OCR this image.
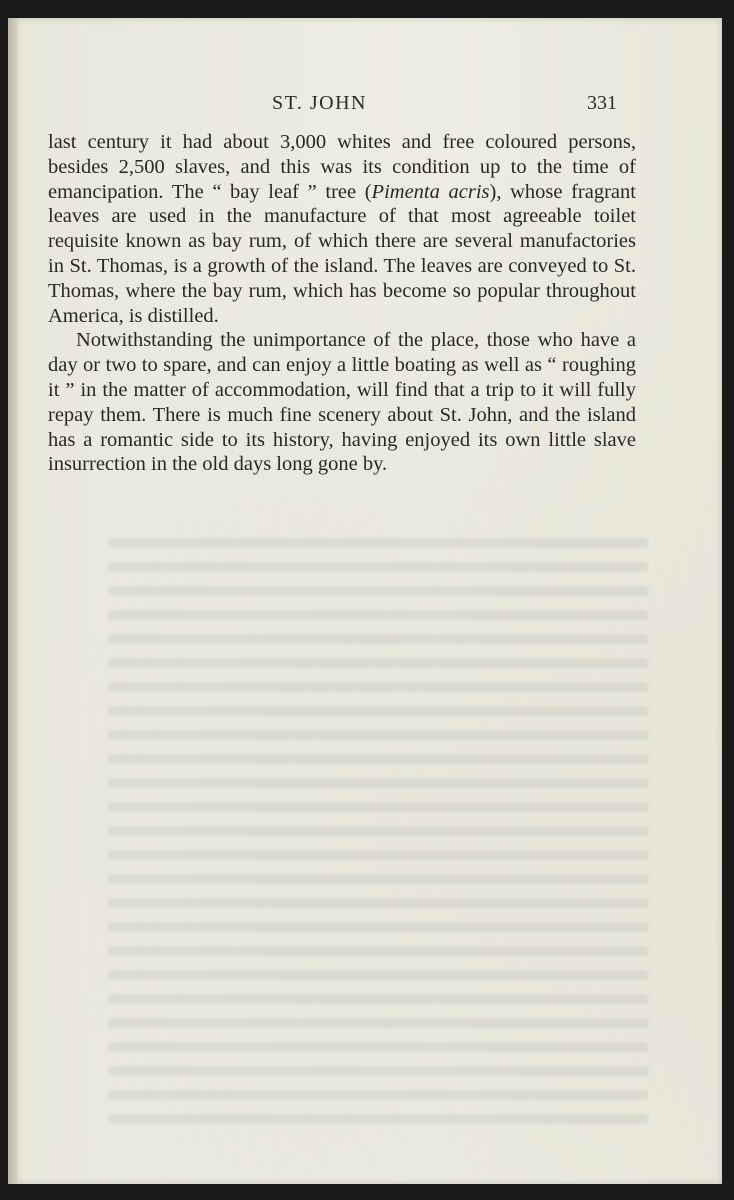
ST. JOHN	331

last century it had about 3,000 whites and free coloured persons, besides 2,500 slaves, and this was its condition up to the time of emancipation. The “ bay leaf ” tree (Pimenta acris), whose fragrant leaves are used in the manufacture of that most agreeable toilet requisite known as bay rum, of which there are several manufactories in St. Thomas, is a growth of the island. The leaves are conveyed to St. Thomas, where the bay rum, which has become so popular throughout America, is distilled.

Notwithstanding the unimportance of the place, those who have a day or two to spare, and can enjoy a little boating as well as “ roughing it ” in the matter of accommodation, will find that a trip to it will fully repay them. There is much fine scenery about St. John, and the island has a romantic side to its history, having enjoyed its own little slave insurrection in the old days long gone by.
